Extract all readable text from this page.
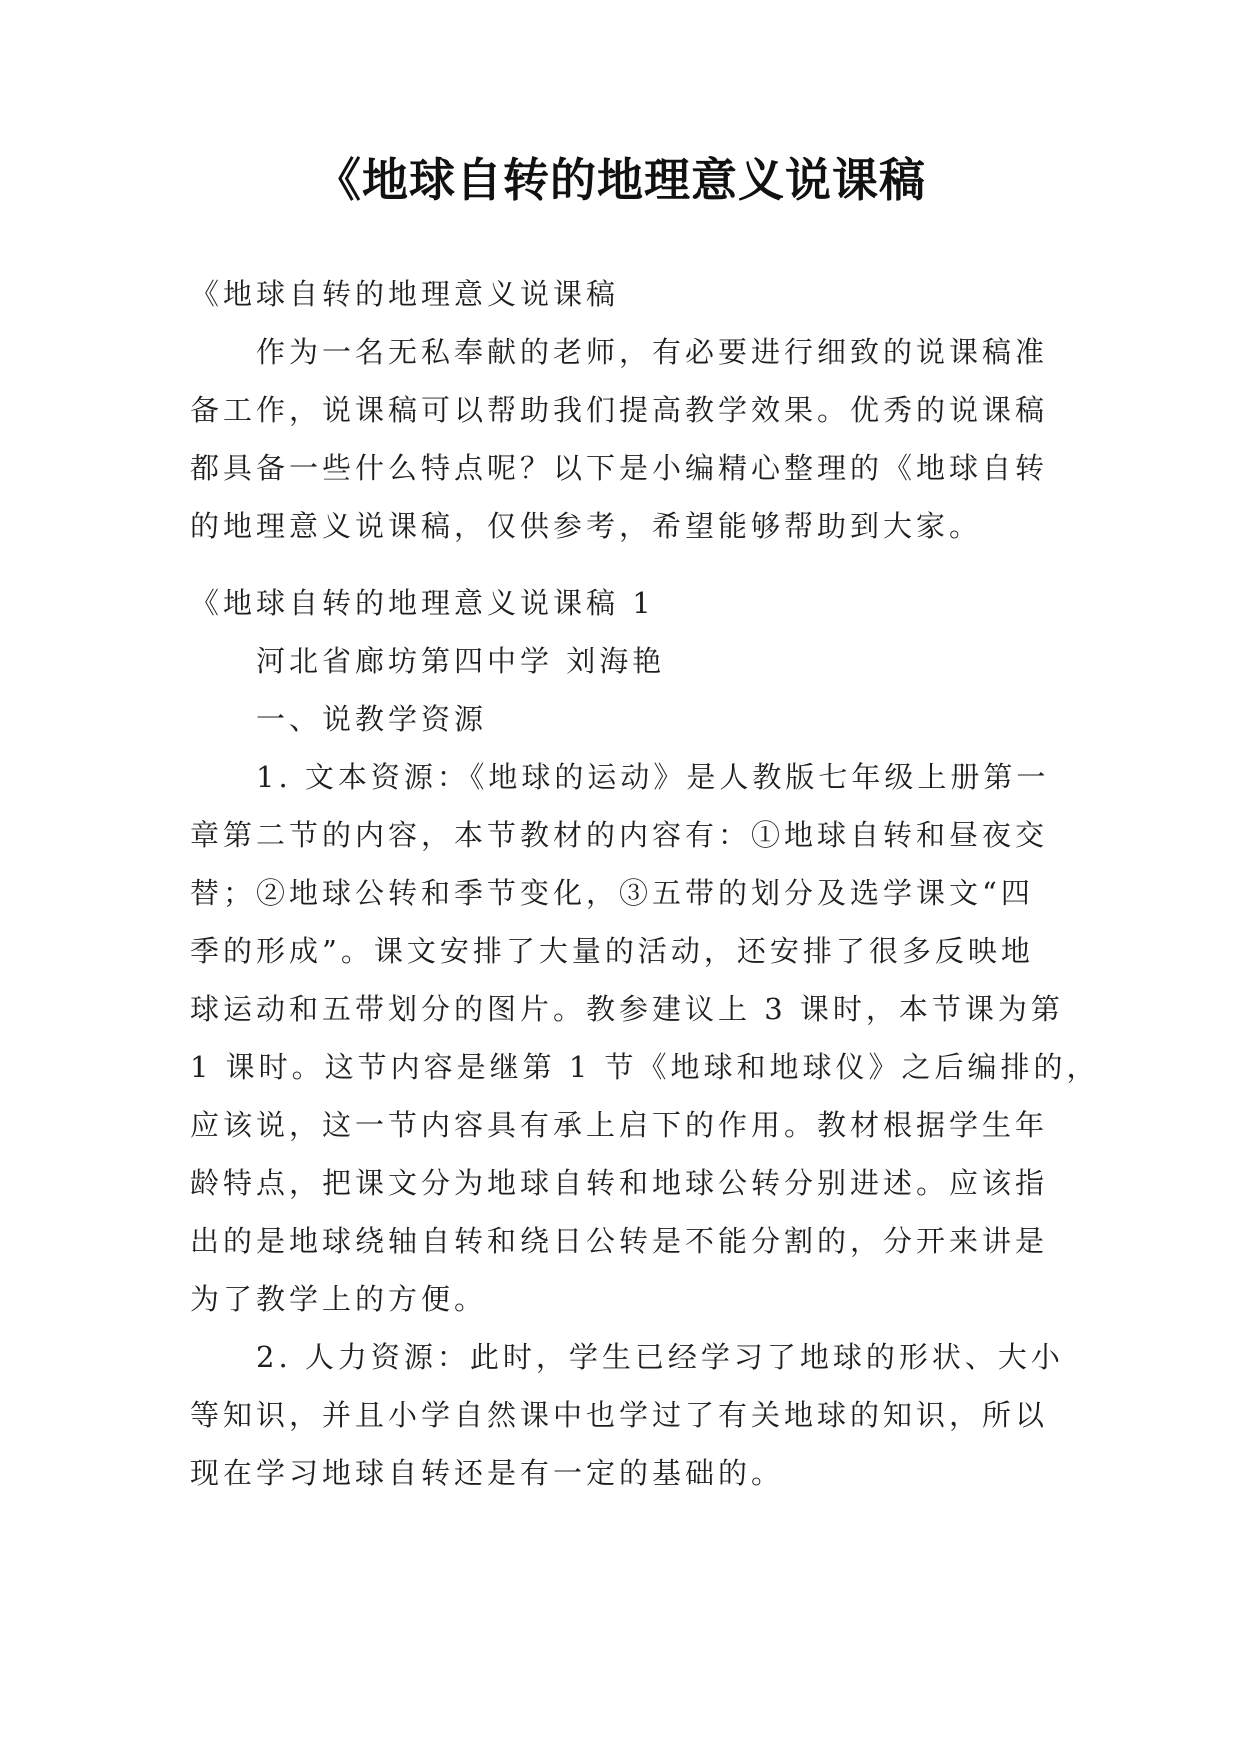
《地球自转的地理意义说课稿
《地球自转的地理意义说课稿
作为一名无私奉献的老师，有必要进行细致的说课稿准
备工作，说课稿可以帮助我们提高教学效果。优秀的说课稿
都具备一些什么特点呢？以下是小编精心整理的《地球自转
的地理意义说课稿，仅供参考，希望能够帮助到大家。
《地球自转的地理意义说课稿 1
河北省廊坊第四中学 刘海艳
一、说教学资源
1. 文本资源：《地球的运动》是人教版七年级上册第一
章第二节的内容，本节教材的内容有：①地球自转和昼夜交
替；②地球公转和季节变化，③五带的划分及选学课文“四
季的形成”。课文安排了大量的活动，还安排了很多反映地
球运动和五带划分的图片。教参建议上 3 课时，本节课为第
1 课时。这节内容是继第 1 节《地球和地球仪》之后编排的，
应该说，这一节内容具有承上启下的作用。教材根据学生年
龄特点，把课文分为地球自转和地球公转分别进述。应该指
出的是地球绕轴自转和绕日公转是不能分割的，分开来讲是
为了教学上的方便。
2. 人力资源：此时，学生已经学习了地球的形状、大小
等知识，并且小学自然课中也学过了有关地球的知识，所以
现在学习地球自转还是有一定的基础的。
